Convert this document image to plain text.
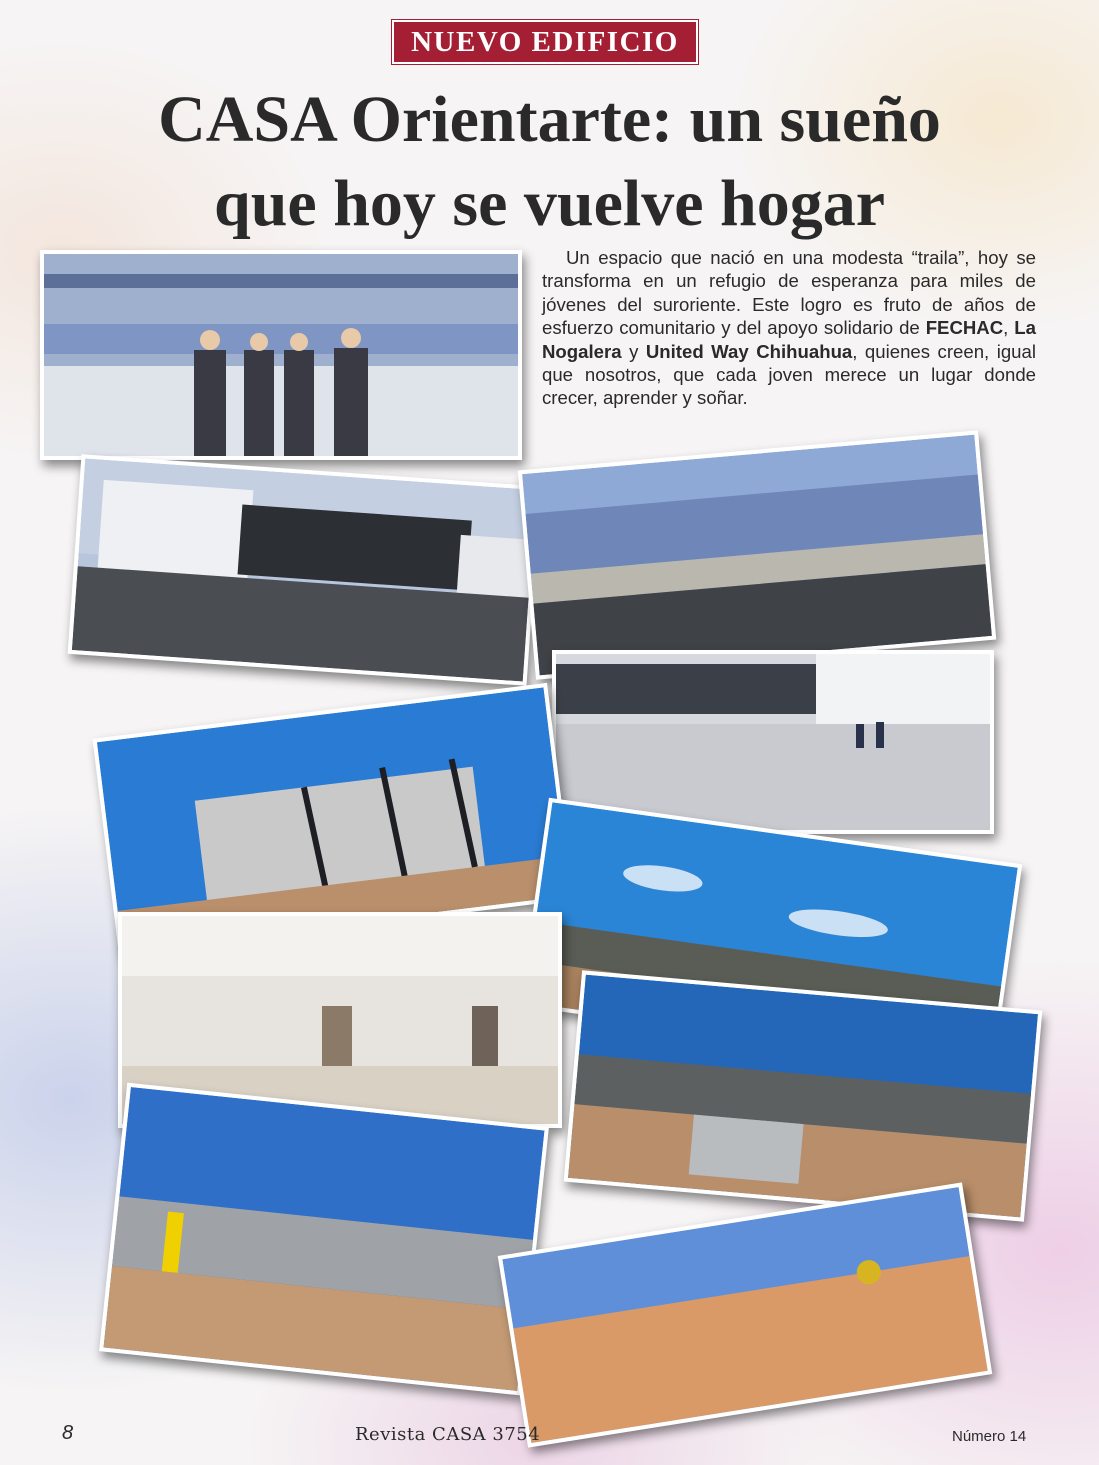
NUEVO EDIFICIO
CASA Orientarte: un sueño
que hoy se vuelve hogar

Un espacio que nació en una modesta “traila”, hoy se transforma en un refugio de esperanza para miles de jóvenes del suroriente. Este logro es fruto de años de esfuerzo comunitario y del apoyo solidario de FECHAC, La Nogalera y United Way Chihuahua, quienes creen, igual que nosotros, que cada joven merece un lugar donde crecer, aprender y soñar.

8	Revista CASA 3754	Número 14
